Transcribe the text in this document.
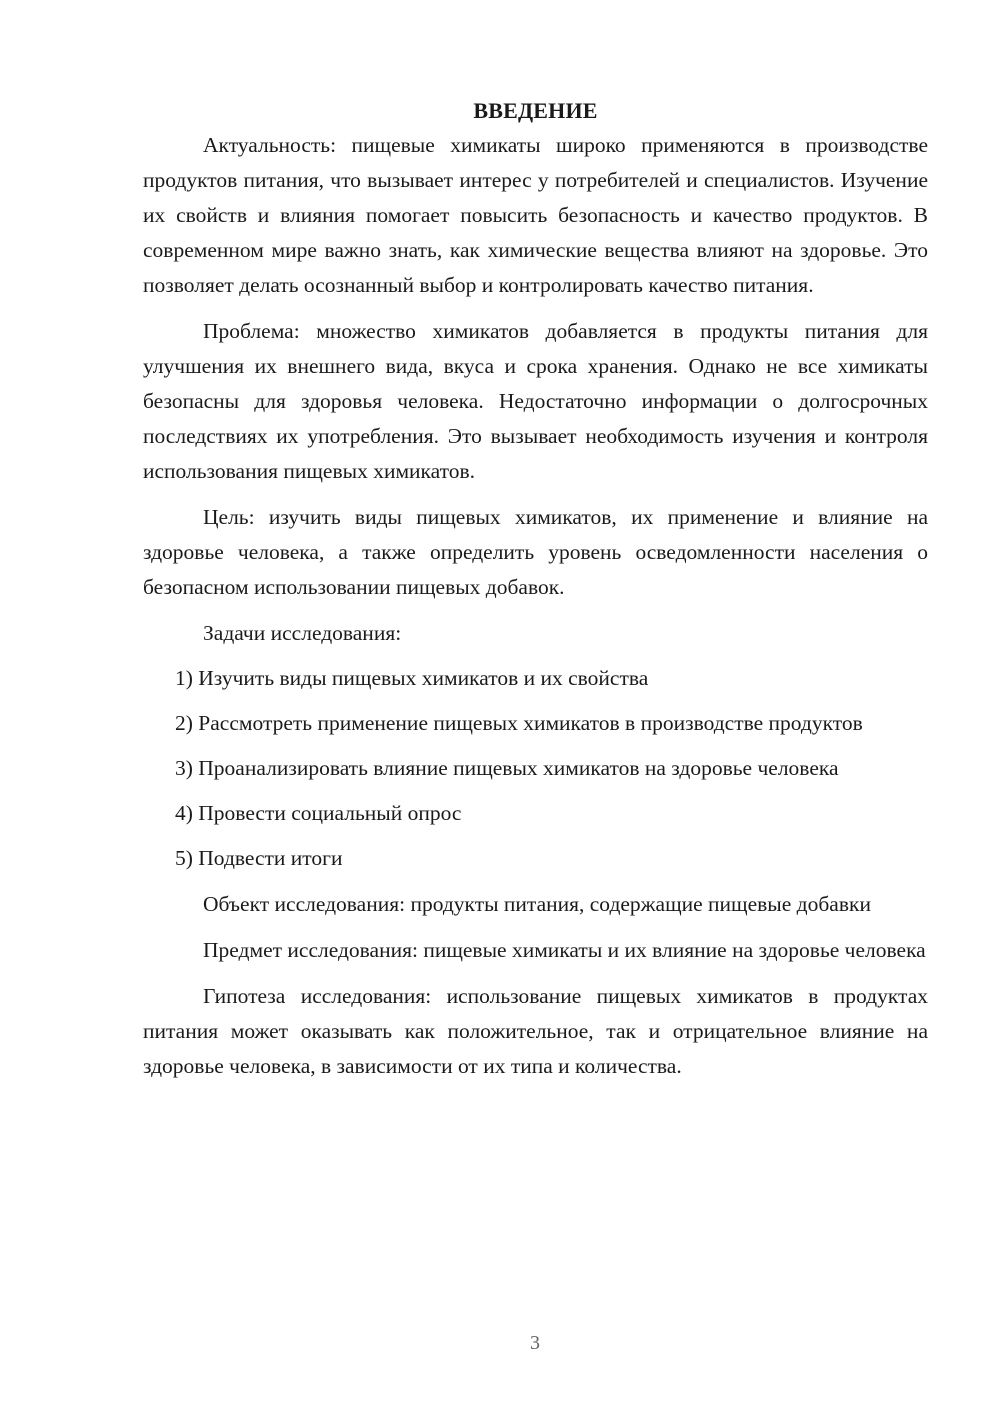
ВВЕДЕНИЕ

Актуальность: пищевые химикаты широко применяются в производстве продуктов питания, что вызывает интерес у потребителей и специалистов. Изучение их свойств и влияния помогает повысить безопасность и качество продуктов. В современном мире важно знать, как химические вещества влияют на здоровье. Это позволяет делать осознанный выбор и контролировать качество питания.

Проблема: множество химикатов добавляется в продукты питания для улучшения их внешнего вида, вкуса и срока хранения. Однако не все химикаты безопасны для здоровья человека. Недостаточно информации о долгосрочных последствиях их употребления. Это вызывает необходимость изучения и контроля использования пищевых химикатов.

Цель: изучить виды пищевых химикатов, их применение и влияние на здоровье человека, а также определить уровень осведомленности населения о безопасном использовании пищевых добавок.

Задачи исследования:

1) Изучить виды пищевых химикатов и их свойства

2) Рассмотреть применение пищевых химикатов в производстве продуктов

3) Проанализировать влияние пищевых химикатов на здоровье человека

4) Провести социальный опрос

5) Подвести итоги

Объект исследования: продукты питания, содержащие пищевые добавки

Предмет исследования: пищевые химикаты и их влияние на здоровье человека

Гипотеза исследования: использование пищевых химикатов в продуктах питания может оказывать как положительное, так и отрицательное влияние на здоровье человека, в зависимости от их типа и количества.

3
